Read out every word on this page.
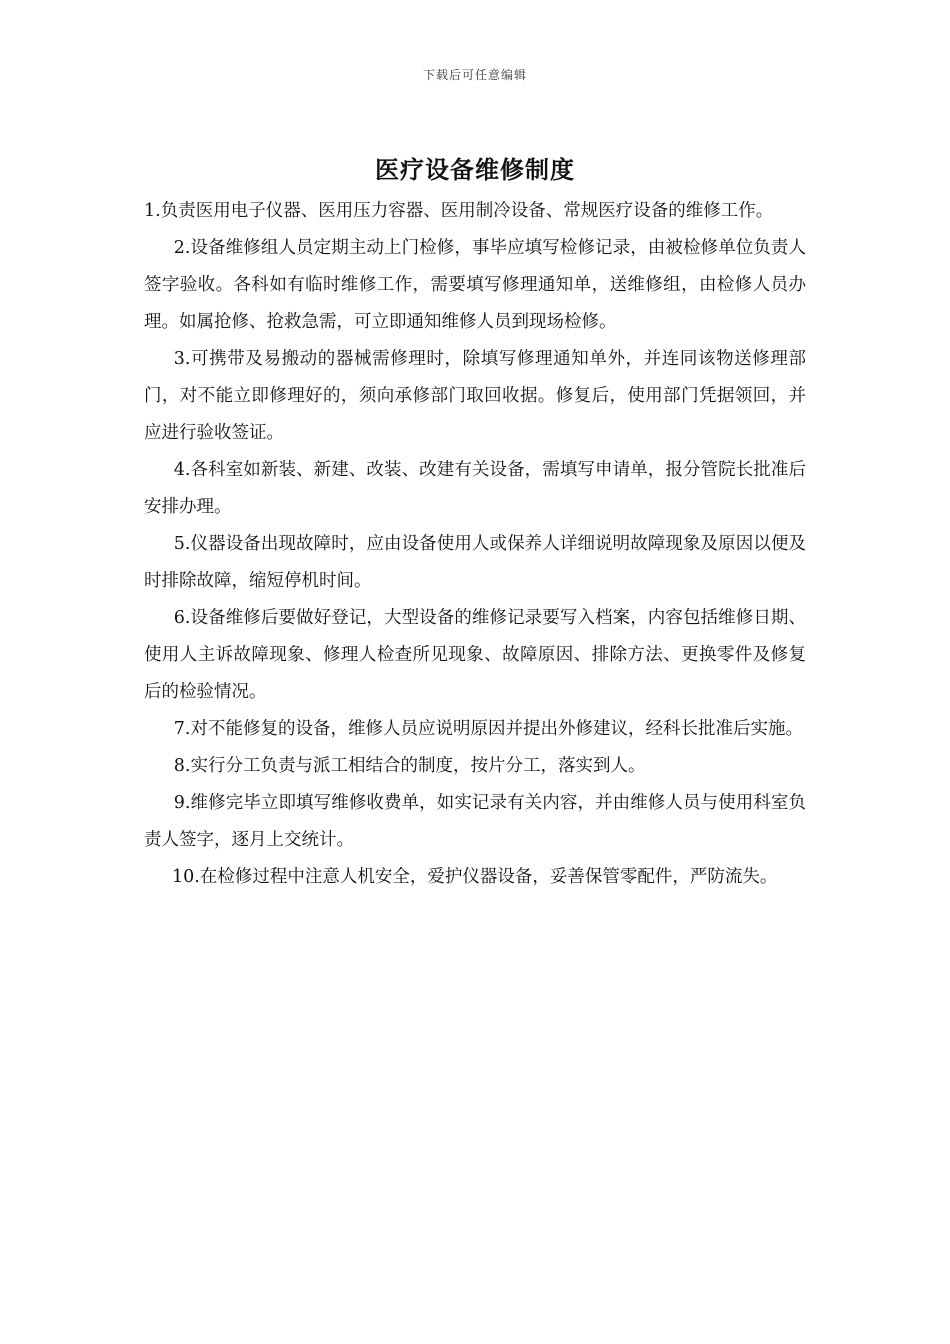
下载后可任意编辑
医疗设备维修制度

1.负责医用电子仪器、医用压力容器、医用制冷设备、常规医疗设备的维修工作。

2.设备维修组人员定期主动上门检修，事毕应填写检修记录，由被检修单位负责人签字验收。各科如有临时维修工作，需要填写修理通知单，送维修组，由检修人员办理。如属抢修、抢救急需，可立即通知维修人员到现场检修。

3.可携带及易搬动的器械需修理时，除填写修理通知单外，并连同该物送修理部门，对不能立即修理好的，须向承修部门取回收据。修复后，使用部门凭据领回，并应进行验收签证。

4.各科室如新装、新建、改装、改建有关设备，需填写申请单，报分管院长批准后安排办理。

5.仪器设备出现故障时，应由设备使用人或保养人详细说明故障现象及原因以便及时排除故障，缩短停机时间。

6.设备维修后要做好登记，大型设备的维修记录要写入档案，内容包括维修日期、使用人主诉故障现象、修理人检查所见现象、故障原因、排除方法、更换零件及修复后的检验情况。

7.对不能修复的设备，维修人员应说明原因并提出外修建议，经科长批准后实施。

8.实行分工负责与派工相结合的制度，按片分工，落实到人。

9.维修完毕立即填写维修收费单，如实记录有关内容，并由维修人员与使用科室负责人签字，逐月上交统计。

10.在检修过程中注意人机安全，爱护仪器设备，妥善保管零配件，严防流失。
